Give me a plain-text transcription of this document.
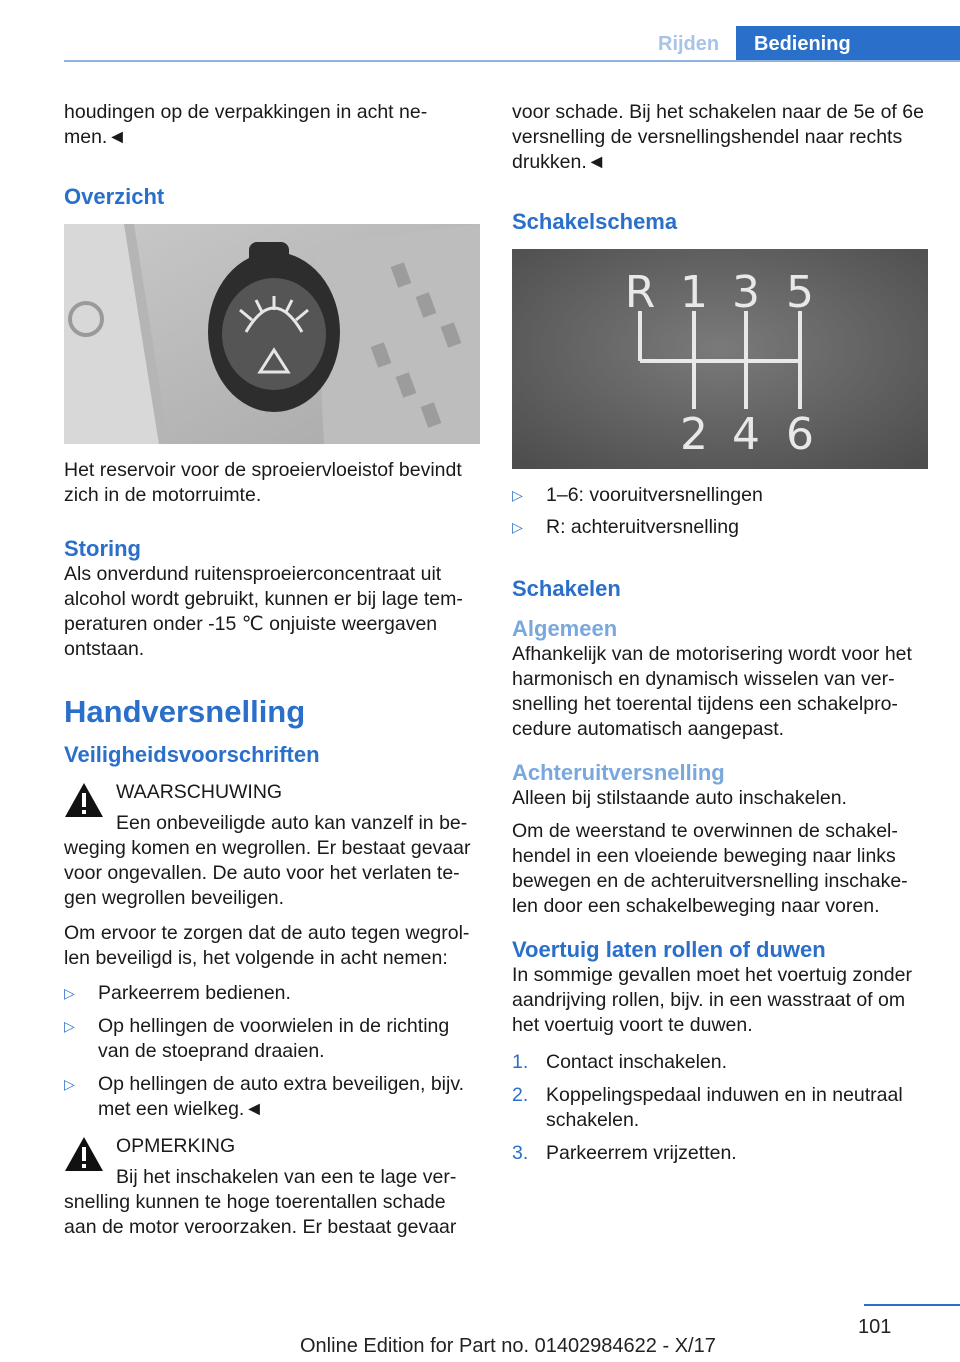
Rijden	Bediening

houdingen op de verpakkingen in acht ne‐ men.◄

Overzicht

Het reservoir voor de sproeiervloeistof bevindt zich in de motorruimte.

Storing

Als onverdund ruitensproeierconcentraat uit alcohol wordt gebruikt, kunnen er bij lage tem‐ peraturen onder -15 ℃ onjuiste weergaven ontstaan.

Handversnelling
Veiligheidsvoorschriften
WAARSCHUWING

Een onbeveiligde auto kan vanzelf in be‐ weging komen en wegrollen. Er bestaat gevaar voor ongevallen. De auto voor het verlaten te‐ gen wegrollen beveiligen.

Om ervoor te zorgen dat de auto tegen wegrol‐ len beveiligd is, het volgende in acht nemen:

▷ Parkeerrem bedienen.
▷ Op hellingen de voorwielen in de richting van de stoeprand draaien.
▷ Op hellingen de auto extra beveiligen, bijv. met een wielkeg.◄
OPMERKING

Bij het inschakelen van een te lage ver‐ snelling kunnen te hoge toerentallen schade aan de motor veroorzaken. Er bestaat gevaar

voor schade. Bij het schakelen naar de 5e of 6e versnelling de versnellingshendel naar rechts drukken.◄

Schakelschema
R 1 3 5
2 4 6
▷ 1–6: vooruitversnellingen
▷ R: achteruitversnelling
Schakelen
Algemeen

Afhankelijk van de motorisering wordt voor het harmonisch en dynamisch wisselen van ver‐ snelling het toerental tijdens een schakelpro‐ cedure automatisch aangepast.

Achteruitversnelling

Alleen bij stilstaande auto inschakelen.

Om de weerstand te overwinnen de schakel‐ hendel in een vloeiende beweging naar links bewegen en de achteruitversnelling inschake‐ len door een schakelbeweging naar voren.

Voertuig laten rollen of duwen

In sommige gevallen moet het voertuig zonder aandrijving rollen, bijv. in een wasstraat of om het voertuig voort te duwen.

1. Contact inschakelen.
2. Koppelingspedaal induwen en in neutraal schakelen.
3. Parkeerrem vrijzetten.
101
Online Edition for Part no. 01402984622 - X/17
